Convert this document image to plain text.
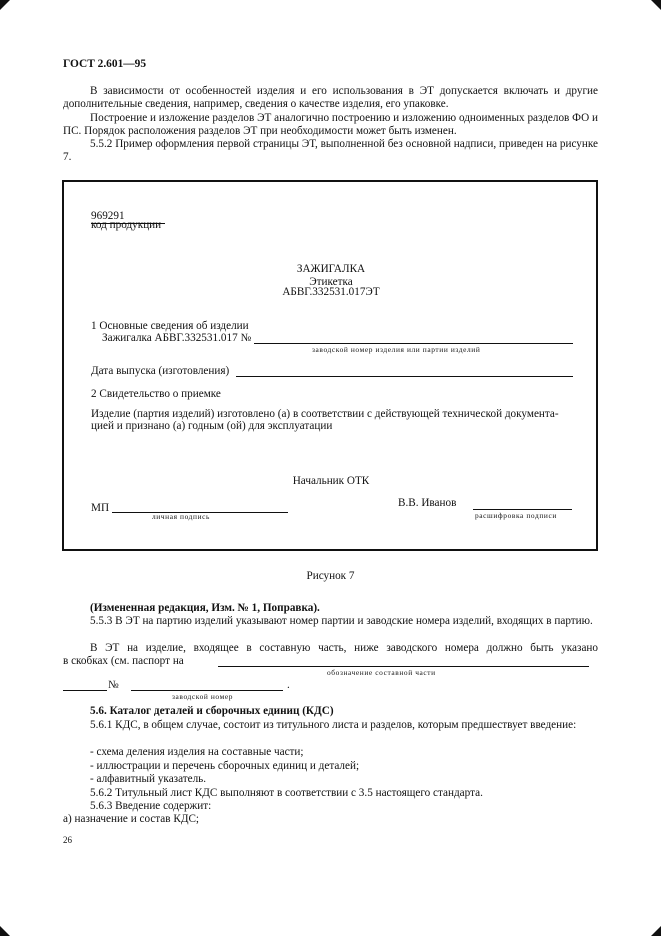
ГОСТ 2.601—95
В зависимости от особенностей изделия и его использования в ЭТ допускается включать и другие дополнительные сведения, например, сведения о качестве изделия, его упаковке.
Построение и изложение разделов ЭТ аналогично построению и изложению одноименных разделов ФО и ПС. Порядок расположения разделов ЭТ при необходимости может быть изменен.
5.5.2 Пример оформления первой страницы ЭТ, выполненной без основной надписи, приведен на рисунке 7.
969291
код продукции
ЗАЖИГАЛКА
Этикетка
АБВГ.332531.017ЭТ
1 Основные сведения об изделии
Зажигалка АБВГ.332531.017 №
заводской номер изделия или партии изделий
Дата выпуска (изготовления)
2 Свидетельство о приемке
Изделие (партия изделий) изготовлено (а) в соответствии с действующей технической документа-
цией и признано (а) годным (ой) для эксплуатации
Начальник ОТК
МП
личная подпись
В.В. Иванов
расшифровка подписи
Рисунок 7
(Измененная редакция, Изм. № 1, Поправка).
5.5.3 В ЭТ на партию изделий указывают номер партии и заводские номера изделий, входящих в партию.
В ЭТ на изделие, входящее в составную часть, ниже заводского номера должно быть указано
в скобках (см. паспорт на
обозначение составной части
№	.
заводской номер
5.6. Каталог деталей и сборочных единиц (КДС)
5.6.1 КДС, в общем случае, состоит из титульного листа и разделов, которым предшествует введение:
- схема деления изделия на составные части;
- иллюстрации и перечень сборочных единиц и деталей;
- алфавитный указатель.
5.6.2 Титульный лист КДС выполняют в соответствии с 3.5 настоящего стандарта.
5.6.3 Введение содержит:
а) назначение и состав КДС;
26
